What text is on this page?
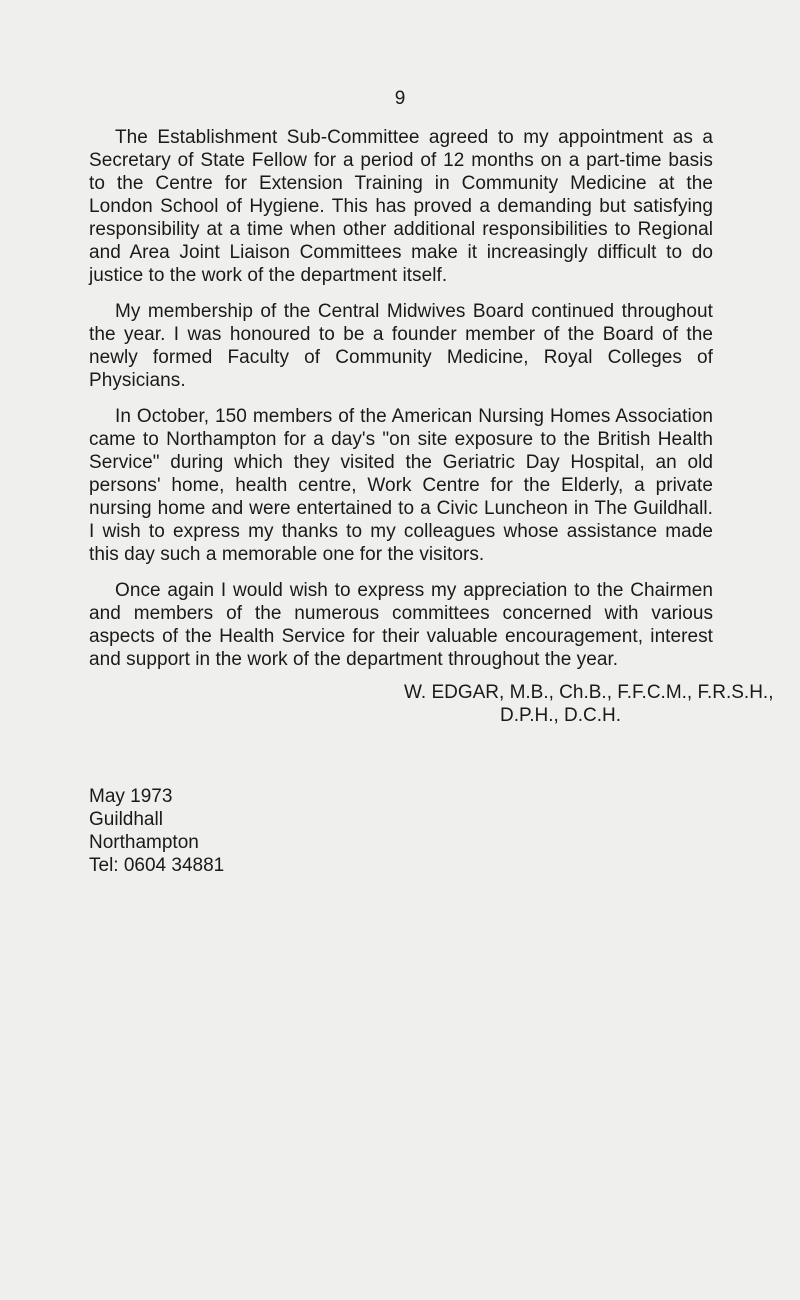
9

The Establishment Sub-Committee agreed to my appointment as a Secretary of State Fellow for a period of 12 months on a part-time basis to the Centre for Extension Training in Community Medicine at the London School of Hygiene. This has proved a demanding but satisfying responsibility at a time when other additional responsibilities to Regional and Area Joint Liaison Committees make it increasingly difficult to do justice to the work of the department itself.

My membership of the Central Midwives Board continued throughout the year. I was honoured to be a founder member of the Board of the newly formed Faculty of Community Medicine, Royal Colleges of Physicians.

In October, 150 members of the American Nursing Homes Association came to Northampton for a day's "on site exposure to the British Health Service" during which they visited the Geriatric Day Hospital, an old persons' home, health centre, Work Centre for the Elderly, a private nursing home and were entertained to a Civic Luncheon in The Guildhall. I wish to express my thanks to my colleagues whose assistance made this day such a memorable one for the visitors.

Once again I would wish to express my appreciation to the Chairmen and members of the numerous committees concerned with various aspects of the Health Service for their valuable encouragement, interest and support in the work of the department throughout the year.

W. EDGAR, M.B., Ch.B., F.F.C.M., F.R.S.H.,
D.P.H., D.C.H.
May 1973
Guildhall
Northampton
Tel: 0604 34881
